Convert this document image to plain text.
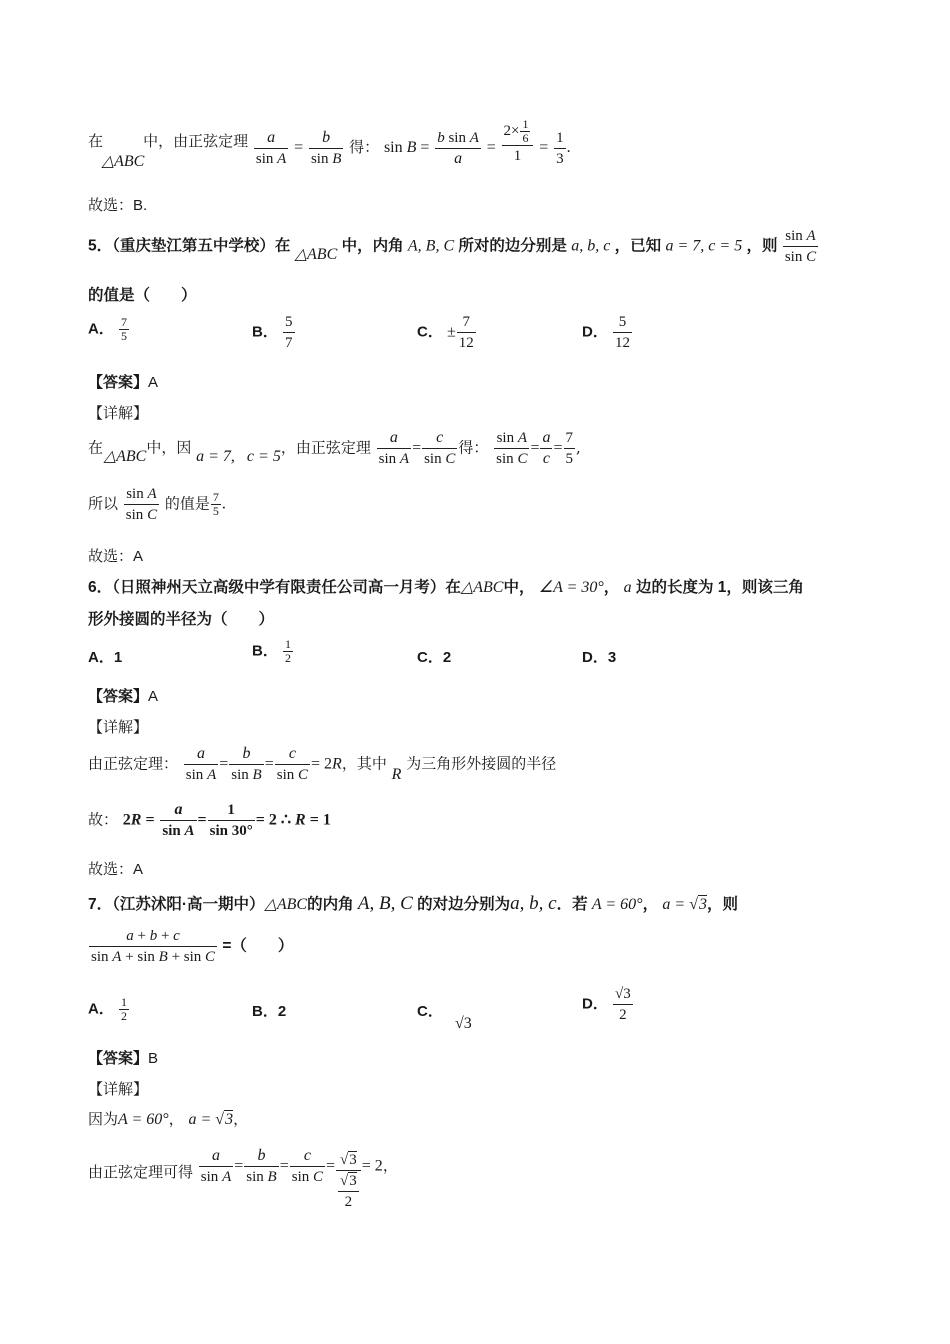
在 △ABC 中，由正弦定理 $\frac{a}{\text{sin A}} = \frac{b}{\text{sin B}}$ 得： $\sin B = \frac{\text{b sin A}}{a} = \frac{2\times \frac{1}{6}}{1} = \frac{1}{3}$ .
故选：B.
5．（重庆垫江第五中学校）在 △ABC 中，内角 A, B, C 所对的边分别是 a, b, c ，已知 a = 7, c = 5 ，则 $\frac{\text{sin A}}{\text{sin C}}$
的值是（　　）
A． $\frac{7}{5}$	B． $\frac{5}{7}$	C． ± $\frac{7}{12}$	D． $\frac{5}{12}$
【答案】A
【详解】
在 △ABC中，因 a = 7,   c = 5，由正弦定理 $\frac{a}{\text{sin A}} = \frac{c}{\text{sin C}}$ 得： $\frac{\text{sin A}}{\text{sin C}} = \frac{a}{c} = \frac{7}{5}$ ,
所以 $\frac{\text{sin A}}{\text{sin C}}$ 的值是 $\frac{7}{5}$ .
故选：A
6．（日照神州天立高级中学有限责任公司高一月考）在△ABC中， ∠A = 30°， a 边的长度为 1，则该三角
形外接圆的半径为（　　）
A．1	B． $\frac{1}{2}$	C．2	D．3
【答案】A
【详解】
由正弦定理： $\frac{a}{\text{sin A}} = \frac{b}{\text{sin B}} = \frac{c}{\text{sin C}} = 2R$，其中 R 为三角形外接圆的半径
故： $2R = \frac{a}{\text{sin A}} = \frac{1}{\sin 30^\circ} = 2$ ∴ R = 1
故选：A
7．（江苏沭阳·高一期中）△ABC的内角 A, B, C 的对边分别为a, b, c．若 A = 60°， a = √3，则
$\frac{a + b + c}{\text{sin A + sin B + sin C}}$ =（　　）
A． $\frac{1}{2}$	B．2	C． √3
D． $\frac{√3}{2}$
【答案】B
【详解】
因为A = 60°， a = √3，
由正弦定理可得 $\frac{a}{\text{sin A}} = \frac{b}{\text{sin B}} = \frac{c}{\text{sin C}} = \frac{√3}{\frac{√3}{2}} = 2$，
